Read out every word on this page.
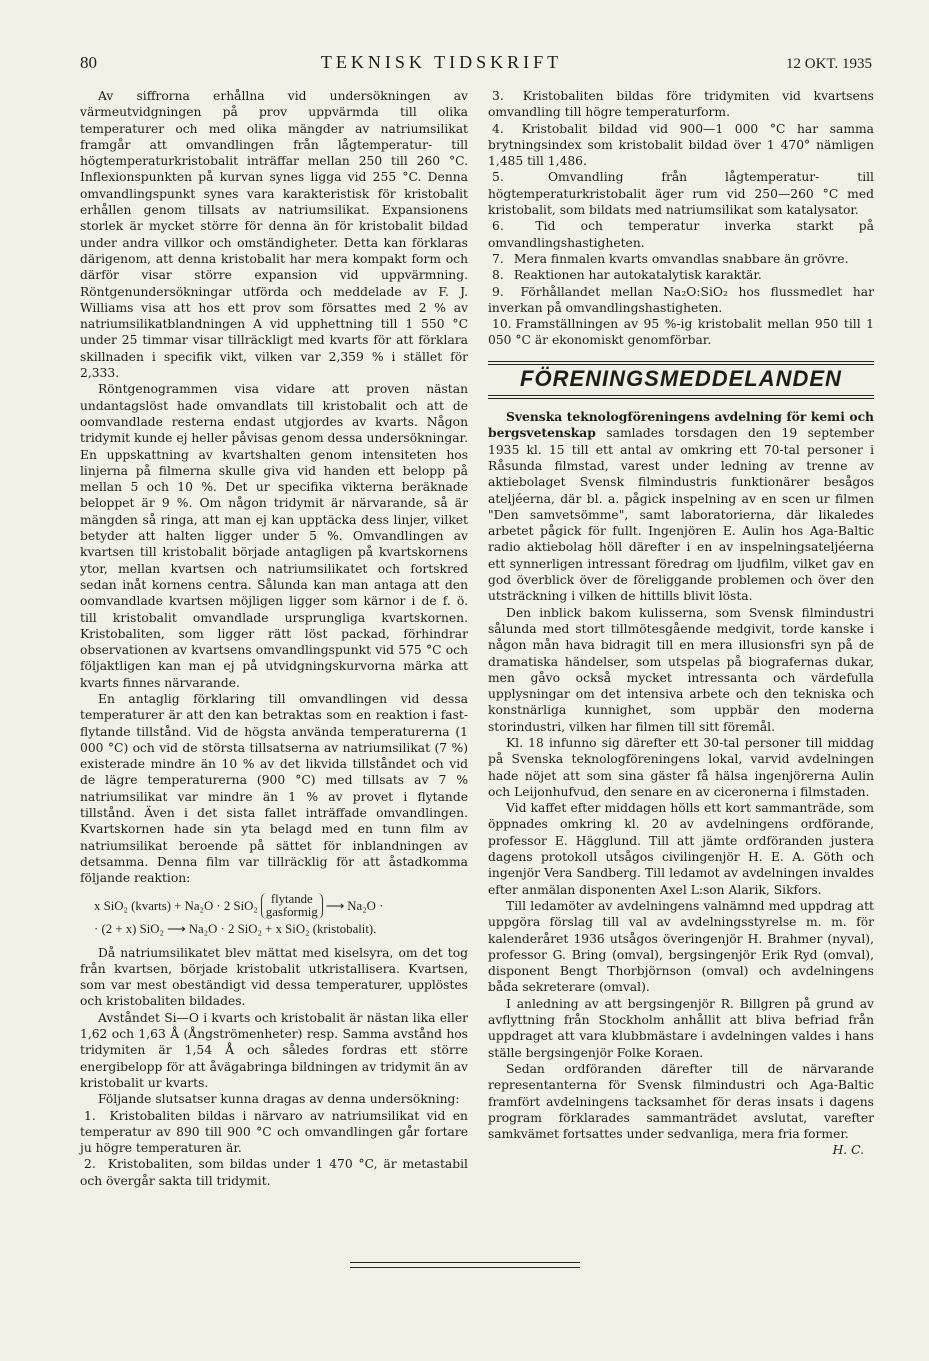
80	TEKNISK TIDSKRIFT	12 OKT. 1935

Av siffrorna erhållna vid undersökningen av värmeutvidgningen på prov uppvärmda till olika temperaturer och med olika mängder av natriumsilikat framgår att omvandlingen från lågtemperatur- till högtemperaturkristobalit inträffar mellan 250 till 260 °C. Inflexionspunkten på kurvan synes ligga vid 255 °C. Denna omvandlingspunkt synes vara karakteristisk för kristobalit erhållen genom tillsats av natriumsilikat. Expansionens storlek är mycket större för denna än för kristobalit bildad under andra villkor och omständigheter. Detta kan förklaras därigenom, att denna kristobalit har mera kompakt form och därför visar större expansion vid uppvärmning. Röntgenundersökningar utförda och meddelade av F. J. Williams visa att hos ett prov som försattes med 2 % av natriumsilikatblandningen A vid upphettning till 1 550 °C under 25 timmar visar tillräckligt med kvarts för att förklara skillnaden i specifik vikt, vilken var 2,359 % i stället för 2,333.

Röntgenogrammen visa vidare att proven nästan undantagslöst hade omvandlats till kristobalit och att de oomvandlade resterna endast utgjordes av kvarts. Någon tridymit kunde ej heller påvisas genom dessa undersökningar. En uppskattning av kvartshalten genom intensiteten hos linjerna på filmerna skulle giva vid handen ett belopp på mellan 5 och 10 %. Det ur specifika vikterna beräknade beloppet är 9 %. Om någon tridymit är närvarande, så är mängden så ringa, att man ej kan upptäcka dess linjer, vilket betyder att halten ligger under 5 %. Omvandlingen av kvartsen till kristobalit började antagligen på kvartskornens ytor, mellan kvartsen och natriumsilikatet och fortskred sedan inåt kornens centra. Sålunda kan man antaga att den oomvandlade kvartsen möjligen ligger som kärnor i de f. ö. till kristobalit omvandlade ursprungliga kvartskornen. Kristobaliten, som ligger rätt löst packad, förhindrar observationen av kvartsens omvandlingspunkt vid 575 °C och följaktligen kan man ej på utvidgningskurvorna märka att kvarts finnes närvarande.

En antaglig förklaring till omvandlingen vid dessa temperaturer är att den kan betraktas som en reaktion i fast-flytande tillstånd. Vid de högsta använda temperaturerna (1 000 °C) och vid de största tillsatserna av natriumsilikat (7 %) existerade mindre än 10 % av det likvida tillståndet och vid de lägre temperaturerna (900 °C) med tillsats av 7 % natriumsilikat var mindre än 1 % av provet i flytande tillstånd. Även i det sista fallet inträffade omvandlingen. Kvartskornen hade sin yta belagd med en tunn film av natriumsilikat beroende på sättet för inblandningen av detsamma. Denna film var tillräcklig för att åstadkomma följande reaktion:

x SiO₂ (kvarts) + Na₂O · 2 SiO₂ flytande
gasformig ⟶ Na₂O ·
· (2 + x) SiO₂ ⟶ Na₂O · 2 SiO₂ + x SiO₂ (kristobalit).

Då natriumsilikatet blev mättat med kiselsyra, om det tog från kvartsen, började kristobalit utkristallisera. Kvartsen, som var mest obeständigt vid dessa temperaturer, upplöstes och kristobaliten bildades.

Avståndet Si—O i kvarts och kristobalit är nästan lika eller 1,62 och 1,63 Å (Ångströmenheter) resp. Samma avstånd hos tridymiten är 1,54 Å och således fordras ett större energibelopp för att åvägabringa bildningen av tridymit än av kristobalit ur kvarts.

Följande slutsatser kunna dragas av denna undersökning:

1. Kristobaliten bildas i närvaro av natriumsilikat vid en temperatur av 890 till 900 °C och omvandlingen går fortare ju högre temperaturen är.

2. Kristobaliten, som bildas under 1 470 °C, är metastabil och övergår sakta till tridymit.

3. Kristobaliten bildas före tridymiten vid kvartsens omvandling till högre temperaturform.

4. Kristobalit bildad vid 900—1 000 °C har samma brytningsindex som kristobalit bildad över 1 470° nämligen 1,485 till 1,486.

5.	Omvandling från lågtemperatur- till högtemperaturkristobalit äger rum vid 250—260 °C med kristobalit, som bildats med natriumsilikat som katalysator.

6.	Tid och temperatur inverka starkt på omvandlingshastigheten.

7. Mera finmalen kvarts omvandlas snabbare än grövre.

8. Reaktionen har autokatalytisk karaktär.

9. Förhållandet mellan Na₂O:SiO₂ hos flussmedlet har inverkan på omvandlingshastigheten.

10. Framställningen av 95 %-ig kristobalit mellan 950 till 1 050 °C är ekonomiskt genomförbar.

FÖRENINGSMEDDELANDEN

Svenska teknologföreningens avdelning för kemi och bergsvetenskap samlades torsdagen den 19 september 1935 kl. 15 till ett antal av omkring ett 70-tal personer i Råsunda filmstad, varest under ledning av trenne av aktiebolaget Svensk filmindustris funktionärer besågos ateljéerna, där bl. a. pågick inspelning av en scen ur filmen "Den samvetsömme", samt laboratorierna, där likaledes arbetet pågick för fullt. Ingenjören E. Aulin hos Aga-Baltic radio aktiebolag höll därefter i en av inspelningsateljéerna ett synnerligen intressant föredrag om ljudfilm, vilket gav en god överblick över de föreliggande problemen och över den utsträckning i vilken de hittills blivit lösta.

Den inblick bakom kulisserna, som Svensk filmindustri sålunda med stort tillmötesgående medgivit, torde kanske i någon mån hava bidragit till en mera illusionsfri syn på de dramatiska händelser, som utspelas på biografernas dukar, men gåvo också mycket intressanta och värdefulla upplysningar om det intensiva arbete och den tekniska och konstnärliga kunnighet, som uppbär den moderna storindustri, vilken har filmen till sitt föremål.

Kl. 18 infunno sig därefter ett 30-tal personer till middag på Svenska teknologföreningens lokal, varvid avdelningen hade nöjet att som sina gäster få hälsa ingenjörerna Aulin och Leijonhufvud, den senare en av ciceronerna i filmstaden.

Vid kaffet efter middagen hölls ett kort sammanträde, som öppnades omkring kl. 20 av avdelningens ordförande, professor E. Hägglund. Till att jämte ordföranden justera dagens protokoll utsågos civilingenjör H. E. A. Göth och ingenjör Vera Sandberg. Till ledamot av avdelningen invaldes efter anmälan disponenten Axel L:son Alarik, Sikfors.

Till ledamöter av avdelningens valnämnd med uppdrag att uppgöra förslag till val av avdelningsstyrelse m. m. för kalenderåret 1936 utsågos överingenjör H. Brahmer (nyval), professor G. Bring (omval), bergsingenjör Erik Ryd (omval), disponent Bengt Thorbjörnson (omval) och avdelningens båda sekreterare (omval).

I anledning av att bergsingenjör R. Billgren på grund av avflyttning från Stockholm anhållit att bliva befriad från uppdraget att vara klubbmästare i avdelningen valdes i hans ställe bergsingenjör Folke Koraen.

Sedan ordföranden därefter till de närvarande representanterna för Svensk filmindustri och Aga-Baltic framfört avdelningens tacksamhet för deras insats i dagens program förklarades sammanträdet avslutat, varefter samkvämet fortsattes under sedvanliga, mera fria former.
H. C.
